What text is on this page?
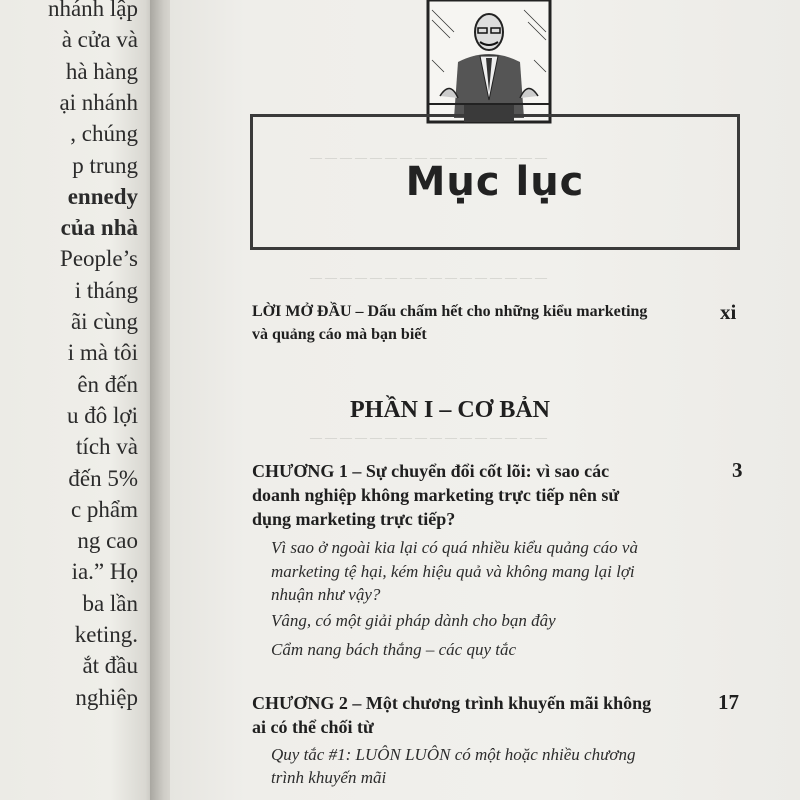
nhánh lập
à cửa và
hà hàng
ại nhánh
, chúng
p trung
ennedy
của nhà
People’s
i tháng
ãi cùng
i mà tôi
ên đến
u đô lợi
tích và
đến 5%
c phẩm
ng cao
ia.” Họ
ba lần
keting.
ắt đầu
nghiệp
— — — — — — — — — — — — — — — —
— — — — — — — — — — — — — — — —
— — — — — — — — — — — — — — — —
Mục lục
LỜI MỞ ĐẦU – Dấu chấm hết cho những kiểu marketing
và quảng cáo mà bạn biết
xi
PHẦN I – CƠ BẢN
CHƯƠNG 1 – Sự chuyển đổi cốt lõi: vì sao các
doanh nghiệp không marketing trực tiếp nên sử
dụng marketing trực tiếp?
3
Vì sao ở ngoài kia lại có quá nhiều kiểu quảng cáo và
marketing tệ hại, kém hiệu quả và không mang lại lợi
nhuận như vậy?
Vâng, có một giải pháp dành cho bạn đây
Cẩm nang bách thắng – các quy tắc
CHƯƠNG 2 – Một chương trình khuyến mãi không
ai có thể chối từ
17
Quy tắc #1: LUÔN LUÔN có một hoặc nhiều chương
trình khuyến mãi
